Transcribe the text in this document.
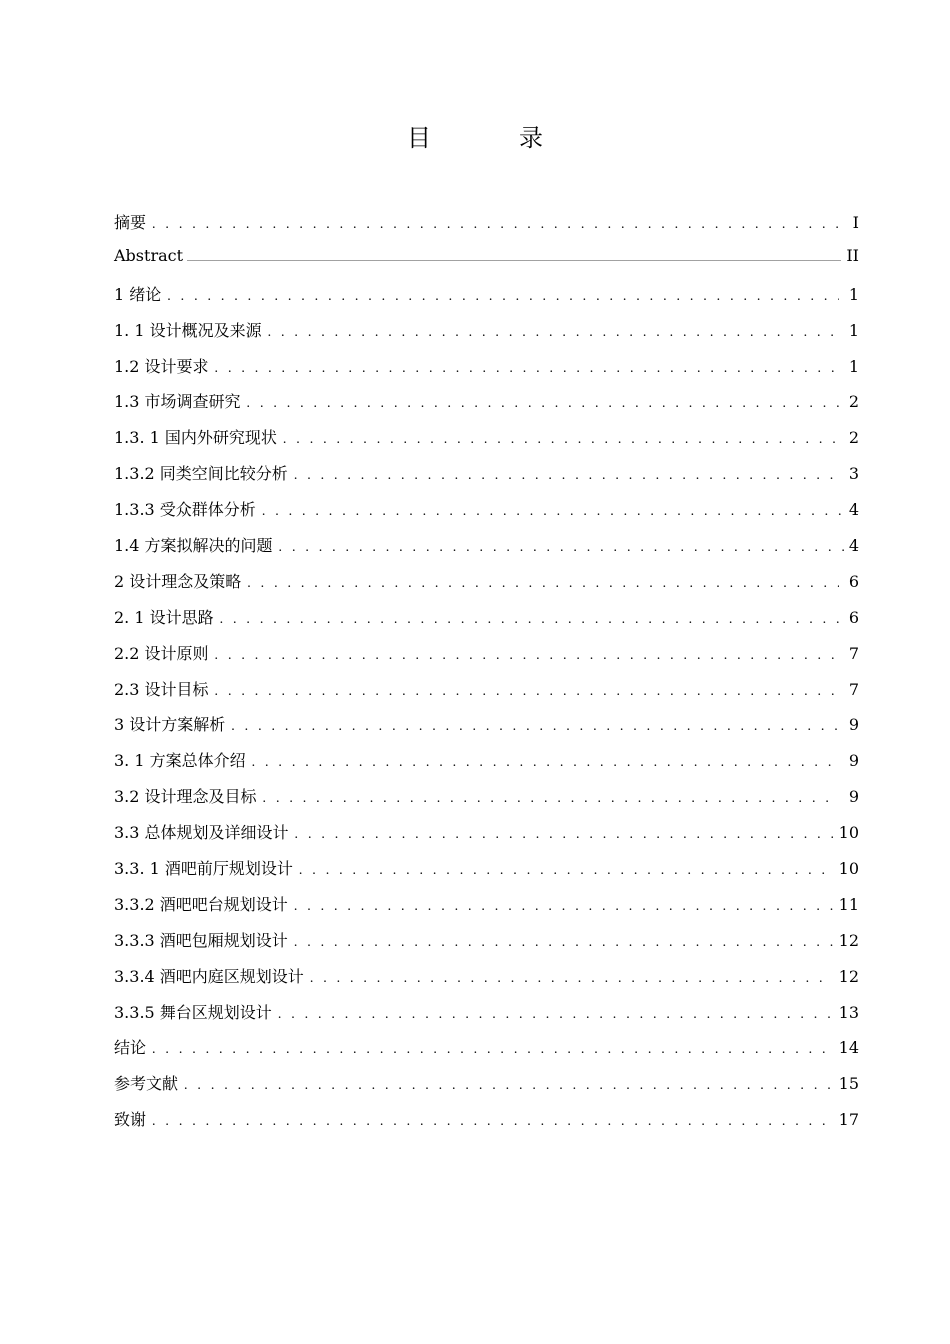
目　录
摘要 . . .	I
Abstract .....	II
1 绪论 . . .	1
1. 1 设计概况及来源 . . .	1
1.2 设计要求 . . .	1
1.3 市场调查研究 . . .	2
1.3. 1 国内外研究现状 . . .	2
1.3.2 同类空间比较分析 . . .	3
1.3.3 受众群体分析 . . .	4
1.4 方案拟解决的问题 . . .	4
2 设计理念及策略 . . .	6
2. 1 设计思路 . . .	6
2.2 设计原则 . . .	7
2.3 设计目标 . . .	7
3 设计方案解析 . . .	9
3. 1 方案总体介绍 . . .	9
3.2 设计理念及目标 . . .	9
3.3 总体规划及详细设计 . . .	10
3.3. 1 酒吧前厅规划设计 . . .	10
3.3.2 酒吧吧台规划设计 . . .	11
3.3.3 酒吧包厢规划设计 . . .	12
3.3.4 酒吧内庭区规划设计 . . .	12
3.3.5 舞台区规划设计 . . .	13
结论 . . .	14
参考文献 . . .	15
致谢 . . .	17
